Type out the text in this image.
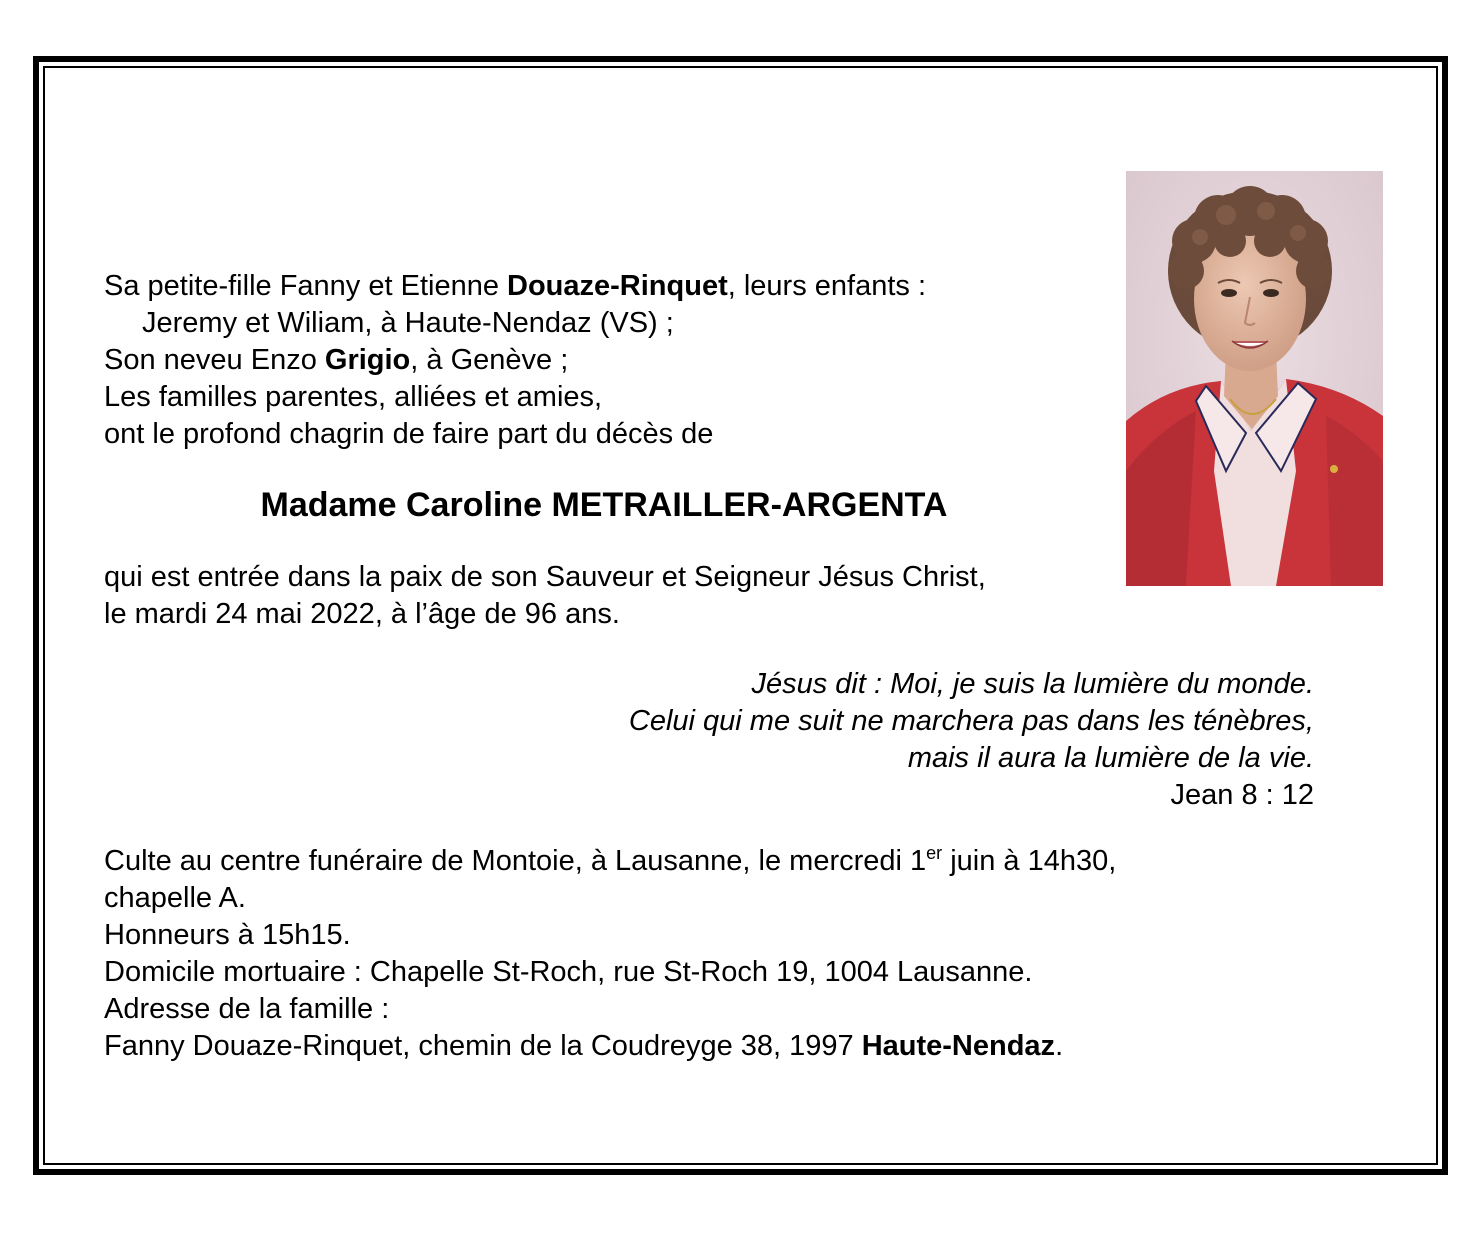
Sa petite-fille Fanny et Etienne Douaze-Rinquet, leurs enfants :
Jeremy et Wiliam, à Haute-Nendaz (VS) ;
Son neveu Enzo Grigio, à Genève ;
Les familles parentes, alliées et amies,
ont le profond chagrin de faire part du décès de
Madame Caroline METRAILLER-ARGENTA
qui est entrée dans la paix de son Sauveur et Seigneur Jésus Christ,
le mardi 24 mai 2022, à l’âge de 96 ans.
Jésus dit : Moi, je suis la lumière du monde.
Celui qui me suit ne marchera pas dans les ténèbres,
mais il aura la lumière de la vie.
Jean 8 : 12
Culte au centre funéraire de Montoie, à Lausanne, le mercredi 1er juin à 14h30,
chapelle A.
Honneurs à 15h15.
Domicile mortuaire : Chapelle St-Roch, rue St-Roch 19, 1004 Lausanne.
Adresse de la famille :
Fanny Douaze-Rinquet, chemin de la Coudreyge 38, 1997 Haute-Nendaz.
